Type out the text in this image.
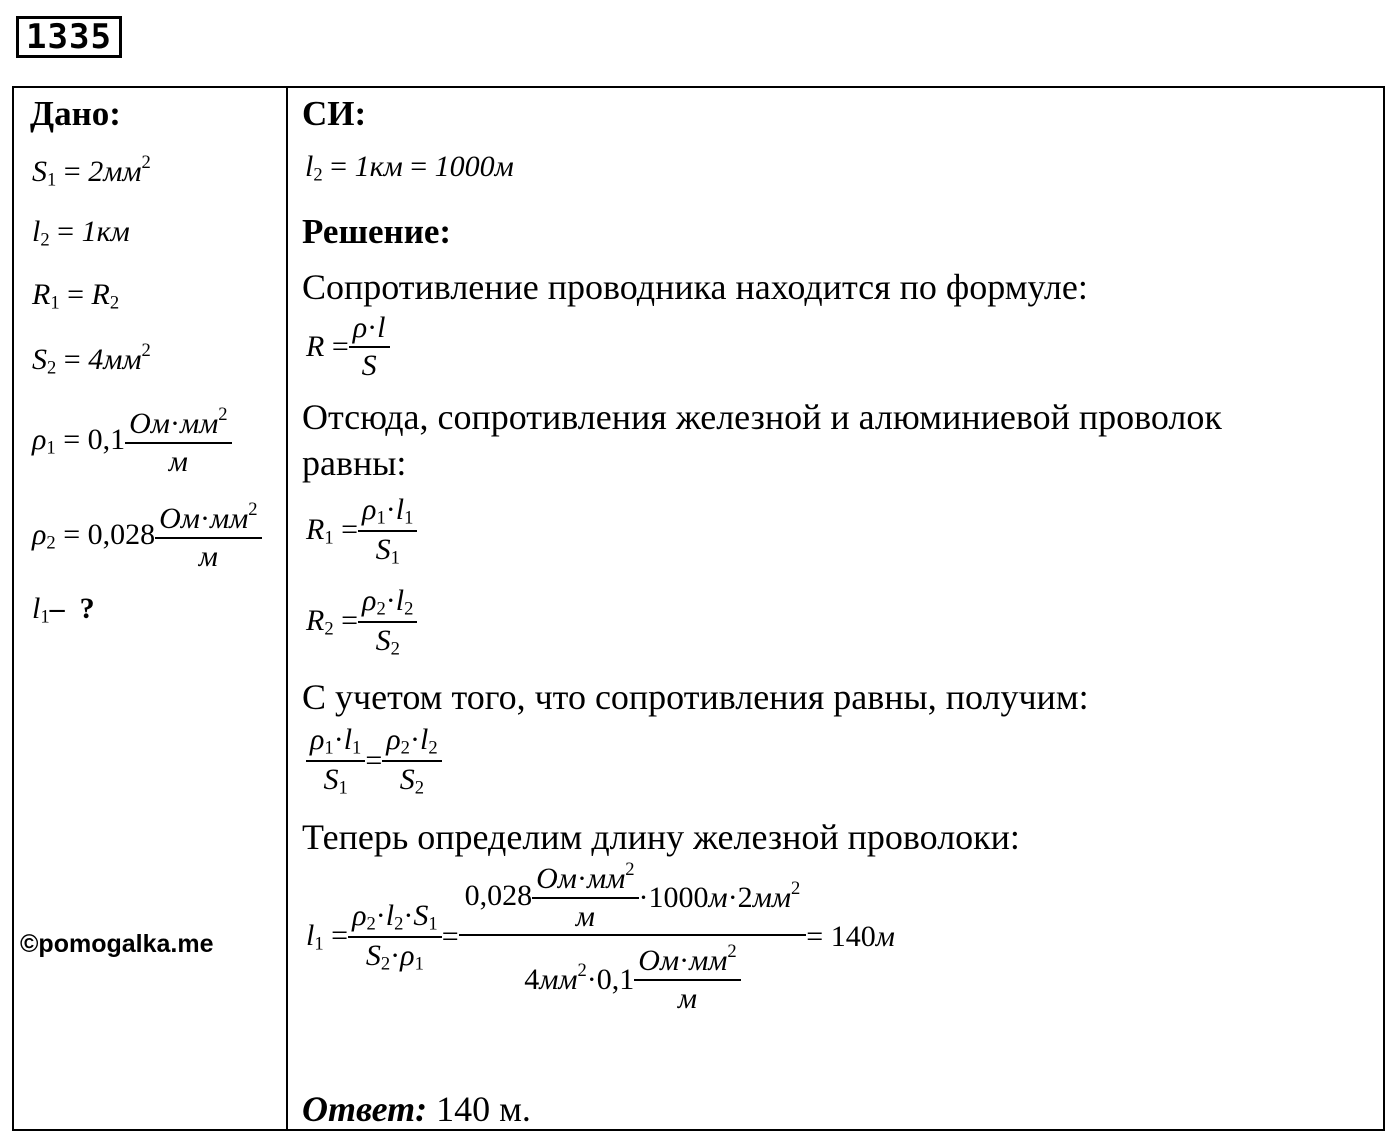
1335
Дано:
$S_1 = 2мм^2$
$l_2 = 1км$
$R_1 = R_2$
$S_2 = 4мм^2$
$\rho_1 = 0,1 \frac{Ом\cdot мм^2}{м}$
$\rho_2 = 0,028 \frac{Ом\cdot мм^2}{м}$
$l_1-$  ?
©pomogalka.me
СИ:
$l_2 = 1км = 1000м$
Решение:
Сопротивление проводника находится по формуле:
$R = \frac{\rho\cdot l}{S}$
Отсюда, сопротивления железной и алюминиевой проволок
равны:
$R_1 = \frac{\rho_1\cdot l_1}{S_1}$
$R_2 = \frac{\rho_2\cdot l_2}{S_2}$
С учетом того, что сопротивления равны, получим:
$\frac{\rho_1\cdot l_1}{S_1} = \frac{\rho_2\cdot l_2}{S_2}$
Теперь определим длину железной проволоки:
$l_1 = \frac{\rho_2\cdot l_2\cdot S_1}{S_2\cdot\rho_1} = \frac{0,028 \frac{Ом\cdot мм^2}{м} \cdot 1000м\cdot 2мм^2}{4мм^2\cdot 0,1 \frac{Ом\cdot мм^2}{м}} = 140м$
Ответ: 140 м.
